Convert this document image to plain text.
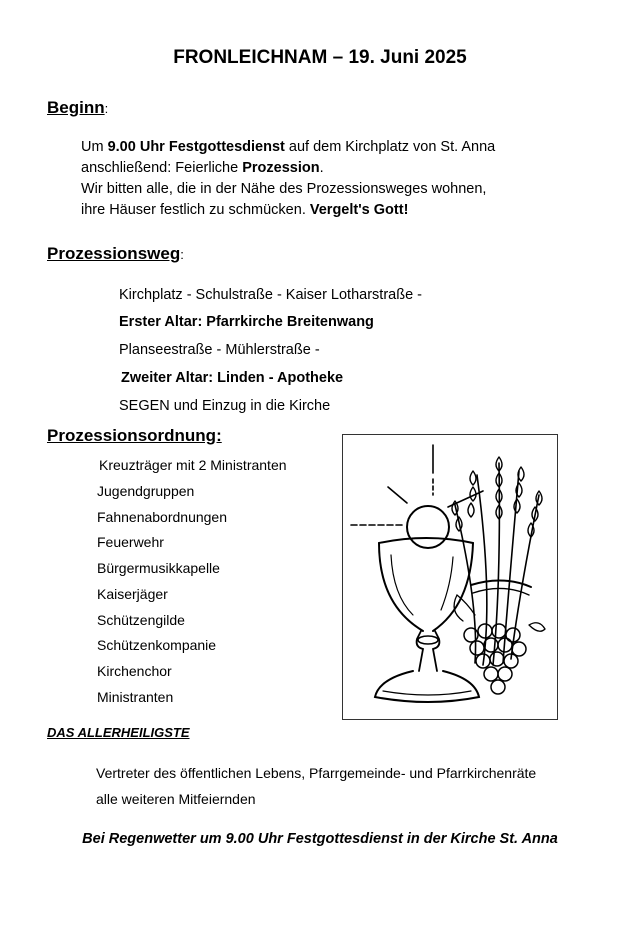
FRONLEICHNAM – 19. Juni 2025
Beginn:
Um 9.00 Uhr Festgottesdienst auf dem Kirchplatz von St. Anna
anschließend: Feierliche Prozession.
Wir bitten alle, die in der Nähe des Prozessionsweges wohnen,
ihre Häuser festlich zu schmücken. Vergelt's Gott!
Prozessionsweg:
Kirchplatz - Schulstraße - Kaiser Lotharstraße -
Erster Altar: Pfarrkirche Breitenwang
Planseestraße - Mühlerstraße -
Zweiter Altar: Linden - Apotheke
SEGEN und Einzug in die Kirche
Prozessionsordnung:
Kreuzträger mit 2 Ministranten
Jugendgruppen
Fahnenabordnungen
Feuerwehr
Bürgermusikkapelle
Kaiserjäger
Schützengilde
Schützenkompanie
Kirchenchor
Ministranten
DAS ALLERHEILIGSTE
Vertreter des öffentlichen Lebens, Pfarrgemeinde- und Pfarrkirchenräte
alle weiteren Mitfeiernden
Bei Regenwetter um 9.00 Uhr Festgottesdienst in der Kirche St. Anna
